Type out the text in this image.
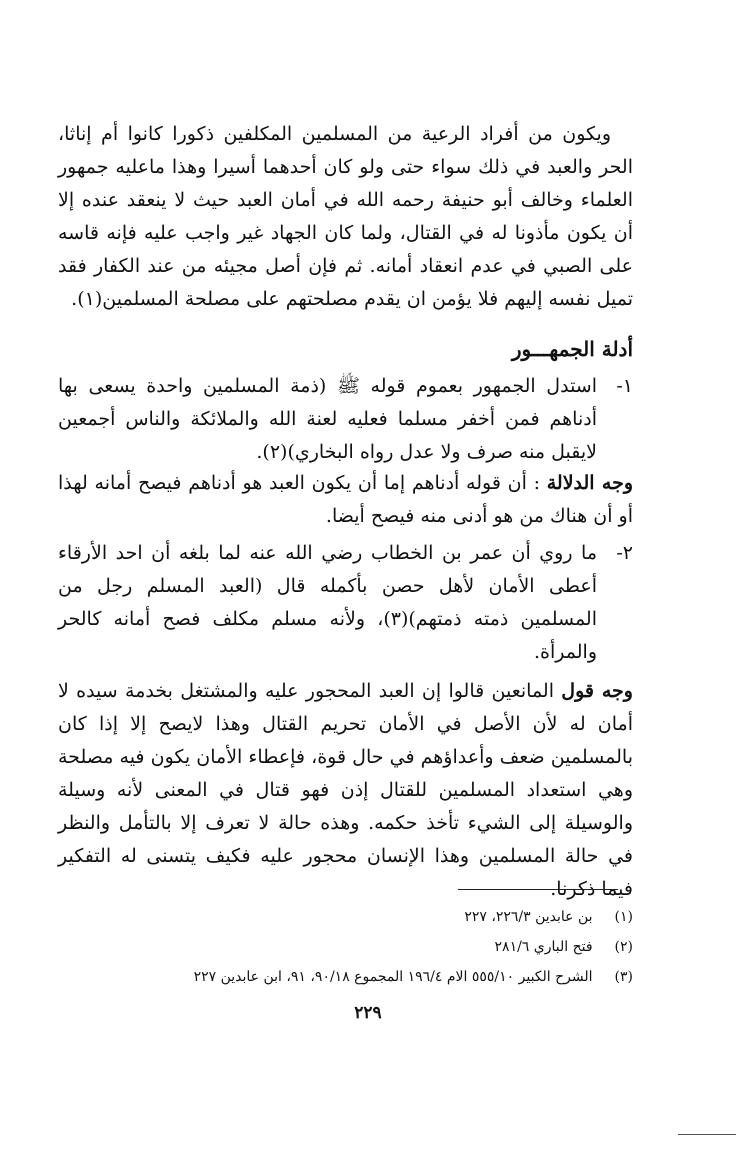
ويكون من أفراد الرعية من المسلمين المكلفين ذكورا كانوا أم إناثا، الحر والعبد في ذلك سواء حتى ولو كان أحدهما أسيرا وهذا ماعليه جمهور العلماء وخالف أبو حنيفة رحمه الله في أمان العبد حيث لا ينعقد عنده إلا أن يكون مأذونا له في القتال، ولما كان الجهاد غير واجب عليه فإنه قاسه على الصبي في عدم انعقاد أمانه. ثم فإن أصل مجيئه من عند الكفار فقد تميل نفسه إليهم فلا يؤمن ان يقدم مصلحتهم على مصلحة المسلمين(١).
أدلة الجمهـــور
١-
استدل الجمهور بعموم قوله ﷺ (ذمة المسلمين واحدة يسعى بها أدناهم فمن أخفر مسلما فعليه لعنة الله والملائكة والناس أجمعين لايقبل منه صرف ولا عدل رواه البخاري)(٢).
وجه الدلالة : أن قوله أدناهم إما أن يكون العبد هو أدناهم فيصح أمانه لهذا أو أن هناك من هو أدنى منه فيصح أيضا.
٢-
ما روي أن عمر بن الخطاب رضي الله عنه لما بلغه أن احد الأرقاء أعطى الأمان لأهل حصن بأكمله قال (العبد المسلم رجل من المسلمين ذمته ذمتهم)(٣)، ولأنه مسلم مكلف فصح أمانه كالحر والمرأة.
وجه قول المانعين قالوا إن العبد المحجور عليه والمشتغل بخدمة سيده لا أمان له لأن الأصل في الأمان تحريم القتال وهذا لايصح إلا إذا كان بالمسلمين ضعف وأعداؤهم في حال قوة، فإعطاء الأمان يكون فيه مصلحة وهي استعداد المسلمين للقتال إذن فهو قتال في المعنى لأنه وسيلة والوسيلة إلى الشيء تأخذ حكمه. وهذه حالة لا تعرف إلا بالتأمل والنظر في حالة المسلمين وهذا الإنسان محجور عليه فكيف يتسنى له التفكير فيما ذكرنا.
(١) بن عابدين ٢٢٦/٣، ٢٢٧
(٢) فتح الباري ٢٨١/٦
(٣) الشرح الكبير ٥٥٥/١٠ الام ١٩٦/٤ المجموع ٩٠/١٨، ٩١، ابن عابدين ٢٢٧
٢٢٩
